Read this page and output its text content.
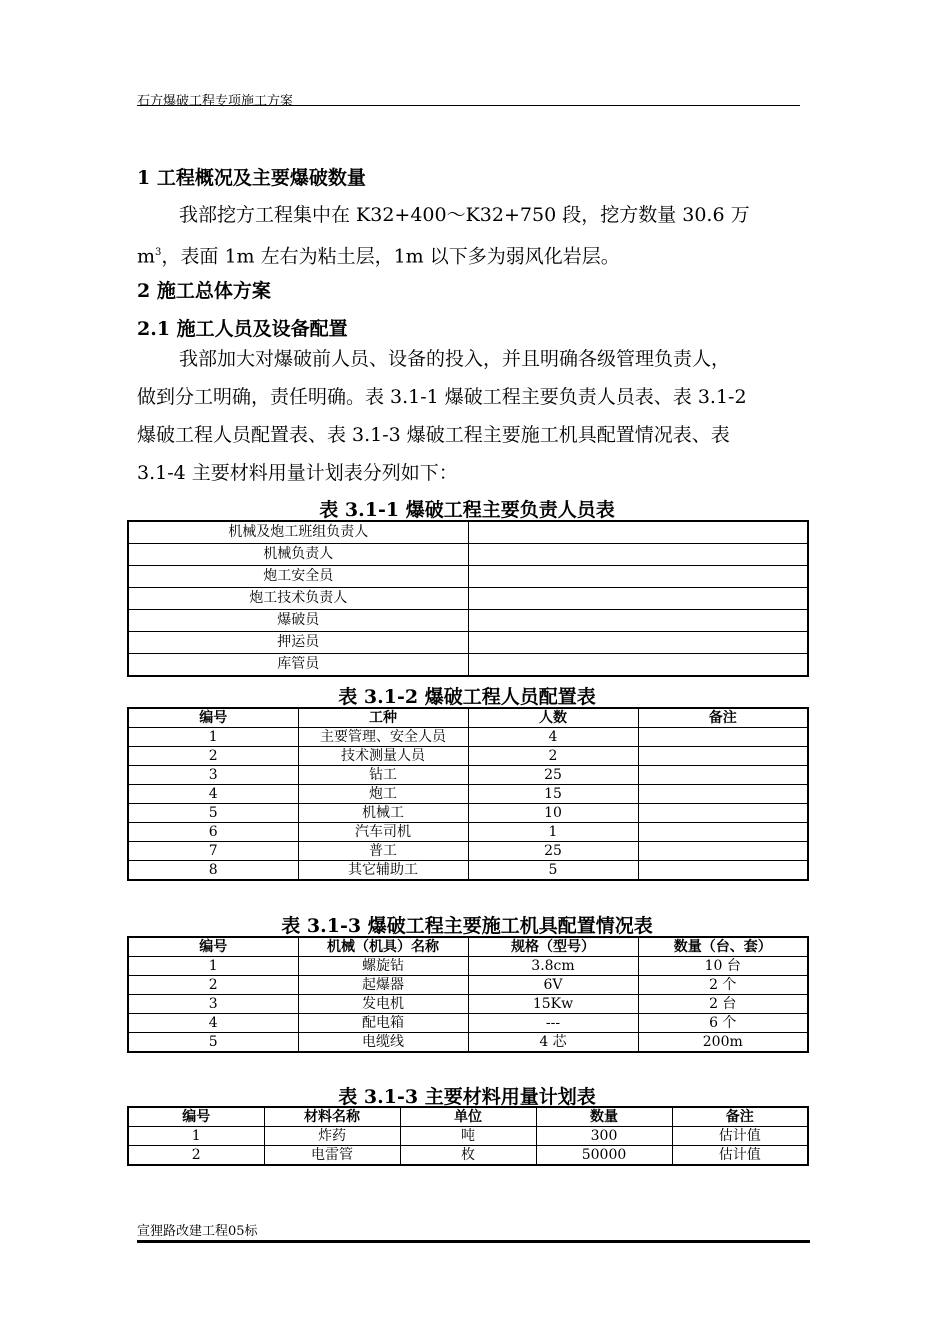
石方爆破工程专项施工方案
1 工程概况及主要爆破数量
我部挖方工程集中在 K32+400～K32+750 段，挖方数量 30.6 万
$m^3$，表面 1m 左右为粘土层，1m 以下多为弱风化岩层。
2 施工总体方案
2.1 施工人员及设备配置
我部加大对爆破前人员、设备的投入，并且明确各级管理负责人，
做到分工明确，责任明确。表 3.1-1 爆破工程主要负责人员表、表 3.1-2
爆破工程人员配置表、表 3.1-3 爆破工程主要施工机具配置情况表、表
3.1-4 主要材料用量计划表分列如下：
表 3.1-1 爆破工程主要负责人员表
机械及炮工班组负责人	
机械负责人	
炮工安全员	
炮工技术负责人	
爆破员	
押运员	
库管员	
表 3.1-2 爆破工程人员配置表
编号	工种	人数	备注
1	主要管理、安全人员	4	
2	技术测量人员	2	
3	钻工	25	
4	炮工	15	
5	机械工	10	
6	汽车司机	1	
7	普工	25	
8	其它辅助工	5	
表 3.1-3 爆破工程主要施工机具配置情况表
编号	机械（机具）名称	规格（型号）	数量（台、套）
1	螺旋钻	3.8cm	10 台
2	起爆器	6V	2 个
3	发电机	15Kw	2 台
4	配电箱	---	6 个
5	电缆线	4 芯	200m
表 3.1-3 主要材料用量计划表
编号	材料名称	单位	数量	备注
1	炸药	吨	300	估计值
2	电雷管	枚	50000	估计值
宣狸路改建工程05标
